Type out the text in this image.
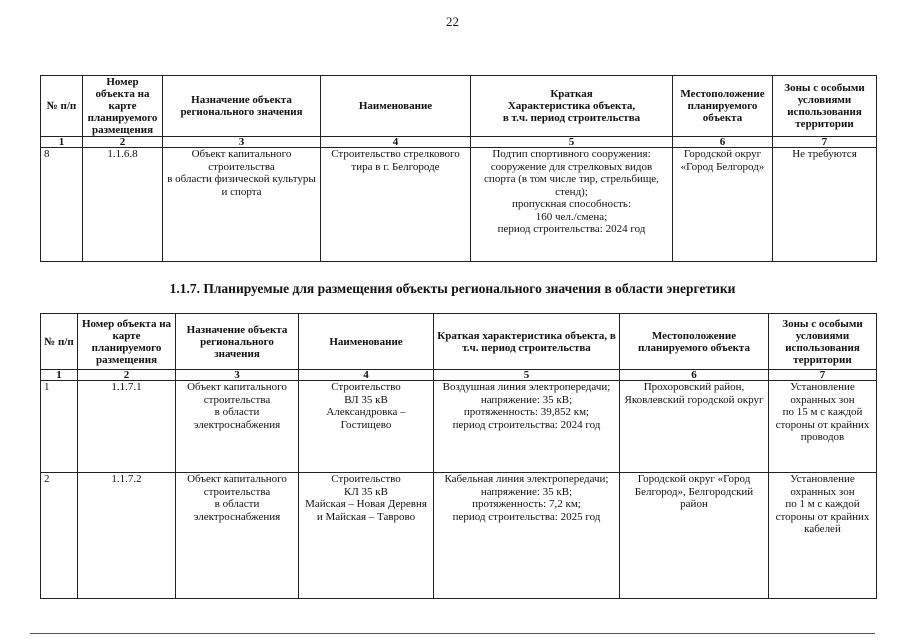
22
№ п/п	Номер объекта на карте планируемого размещения	Назначение объекта регионального значения	Наименование	Краткая
Характеристика объекта,
в т.ч. период строительства	Местоположение планируемого объекта	Зоны с особыми условиями использования территории
1	2	3	4	5	6	7
8	1.1.6.8	Объект капитального строительства
в области физической культуры и спорта	Строительство стрелкового тира в г. Белгороде	Подтип спортивного сооружения: сооружение для стрелковых видов спорта (в том числе тир, стрельбище, стенд);
пропускная способность:
160 чел./смена;
период строительства: 2024 год	Городской округ «Город Белгород»	Не требуются
1.1.7. Планируемые для размещения объекты регионального значения в области энергетики
№ п/п	Номер объекта на карте планируемого размещения	Назначение объекта регионального значения	Наименование	Краткая характеристика объекта, в т.ч. период строительства	Местоположение планируемого объекта	Зоны с особыми условиями использования территории
1	2	3	4	5	6	7
1	1.1.7.1	Объект капитального строительства
в области электроснабжения	Строительство
ВЛ 35 кВ
Александровка –
Гостищево	Воздушная линия электропередачи;
напряжение: 35 кВ;
протяженность: 39,852 км;
период строительства: 2024 год	Прохоровский район, Яковлевский городской округ	Установление охранных зон
по 15 м с каждой стороны от крайних проводов
2	1.1.7.2	Объект капитального строительства
в области электроснабжения	Строительство
КЛ 35 кВ
Майская – Новая Деревня
и Майская – Таврово	Кабельная линия электропередачи;
напряжение: 35 кВ;
протяженность: 7,2 км;
период строительства: 2025 год	Городской округ «Город Белгород», Белгородский район	Установление охранных зон
по 1 м с каждой стороны от крайних кабелей
